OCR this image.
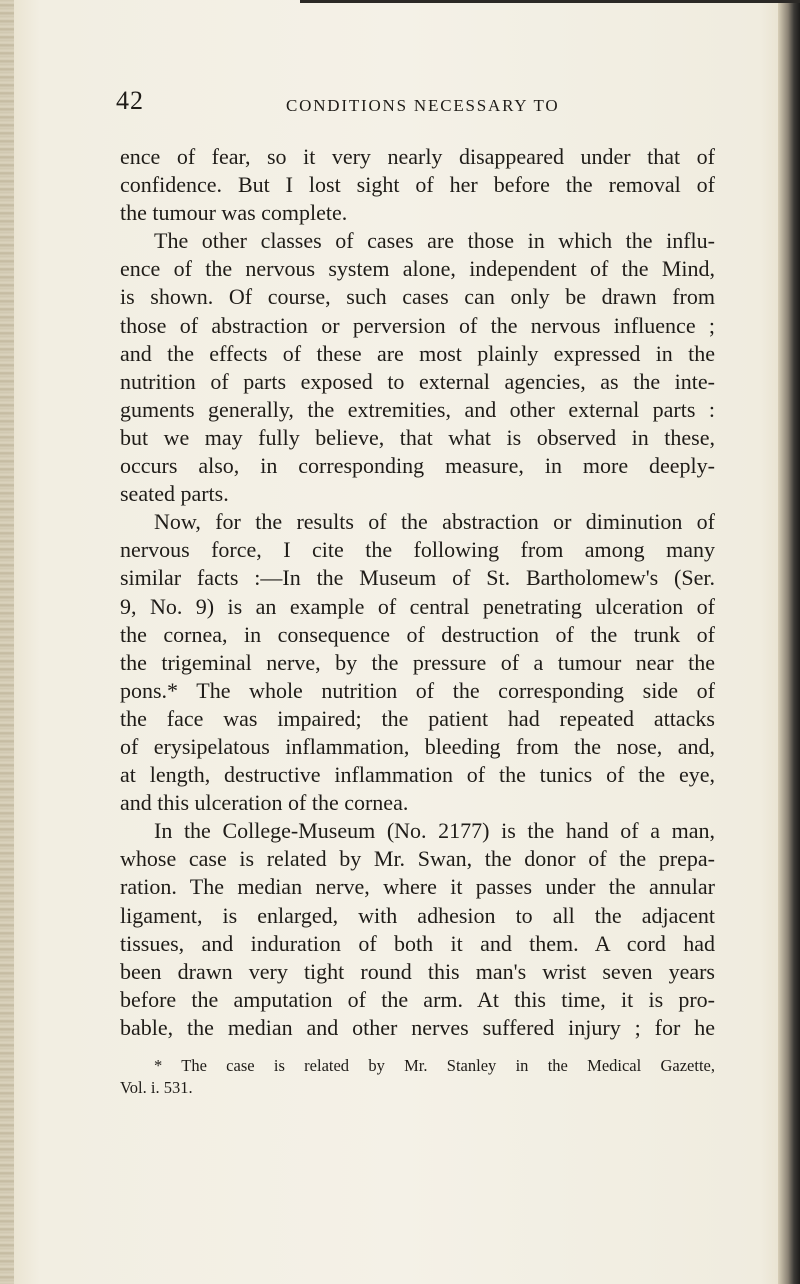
42	CONDITIONS NECESSARY TO
ence of fear, so it very nearly disappeared under that of
confidence. But I lost sight of her before the removal of
the tumour was complete.
The other classes of cases are those in which the influ-
ence of the nervous system alone, independent of the Mind,
is shown. Of course, such cases can only be drawn from
those of abstraction or perversion of the nervous influence ;
and the effects of these are most plainly expressed in the
nutrition of parts exposed to external agencies, as the inte-
guments generally, the extremities, and other external parts :
but we may fully believe, that what is observed in these,
occurs also, in corresponding measure, in more deeply-
seated parts.
Now, for the results of the abstraction or diminution of
nervous force, I cite the following from among many
similar facts :—In the Museum of St. Bartholomew's (Ser.
9, No. 9) is an example of central penetrating ulceration of
the cornea, in consequence of destruction of the trunk of
the trigeminal nerve, by the pressure of a tumour near the
pons.* The whole nutrition of the corresponding side of
the face was impaired; the patient had repeated attacks
of erysipelatous inflammation, bleeding from the nose, and,
at length, destructive inflammation of the tunics of the eye,
and this ulceration of the cornea.
In the College-Museum (No. 2177) is the hand of a man,
whose case is related by Mr. Swan, the donor of the prepa-
ration. The median nerve, where it passes under the annular
ligament, is enlarged, with adhesion to all the adjacent
tissues, and induration of both it and them. A cord had
been drawn very tight round this man's wrist seven years
before the amputation of the arm. At this time, it is pro-
bable, the median and other nerves suffered injury ; for he
* The case is related by Mr. Stanley in the Medical Gazette,
Vol. i. 531.
